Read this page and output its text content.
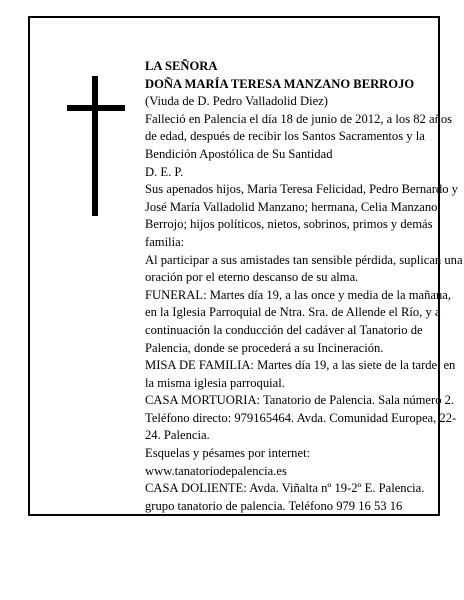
LA SEÑORA

DOÑA MARÍA TERESA MANZANO BERROJO

(Viuda de D. Pedro Valladolid Diez)

Falleció en Palencia el día 18 de junio de 2012, a los 82 años de edad, después de recibir los Santos Sacramentos y la Bendición Apostólica de Su Santidad

D. E. P.

Sus apenados hijos, Maria Teresa Felicidad, Pedro Bernardo y José María Valladolid Manzano; hermana, Celia Manzano Berrojo; hijos políticos, nietos, sobrinos, primos y demás familia:

Al participar a sus amistades tan sensible pérdida, suplican una oración por el eterno descanso de su alma.

FUNERAL: Martes día 19, a las once y media de la mañana, en la Iglesia Parroquial de Ntra. Sra. de Allende el Río, y a continuación la conducción del cadáver al Tanatorio de Palencia, donde se procederá a su Incineración.

MISA DE FAMILIA: Martes día 19, a las siete de la tarde, en la misma iglesia parroquial.

CASA MORTUORIA: Tanatorio de Palencia. Sala número 2. Teléfono directo: 979165464. Avda. Comunidad Europea, 22-24. Palencia.

Esquelas y pésames por internet:

www.tanatoriodepalencia.es

CASA DOLIENTE: Avda. Viñalta nº 19-2º E. Palencia.

grupo tanatorio de palencia. Teléfono 979 16 53 16
